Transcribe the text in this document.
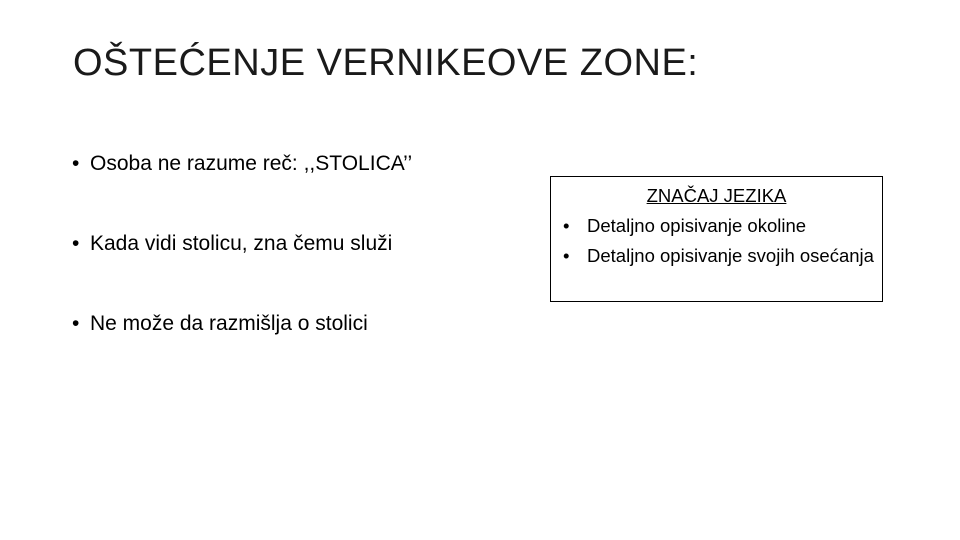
OŠTEĆENJE VERNIKEOVE ZONE:
• Osoba ne razume reč: ,,STOLICA’’
• Kada vidi stolicu, zna čemu služi
• Ne može da razmišlja o stolici
ZNAČAJ JEZIKA
• Detaljno opisivanje okoline
• Detaljno opisivanje svojih osećanja
